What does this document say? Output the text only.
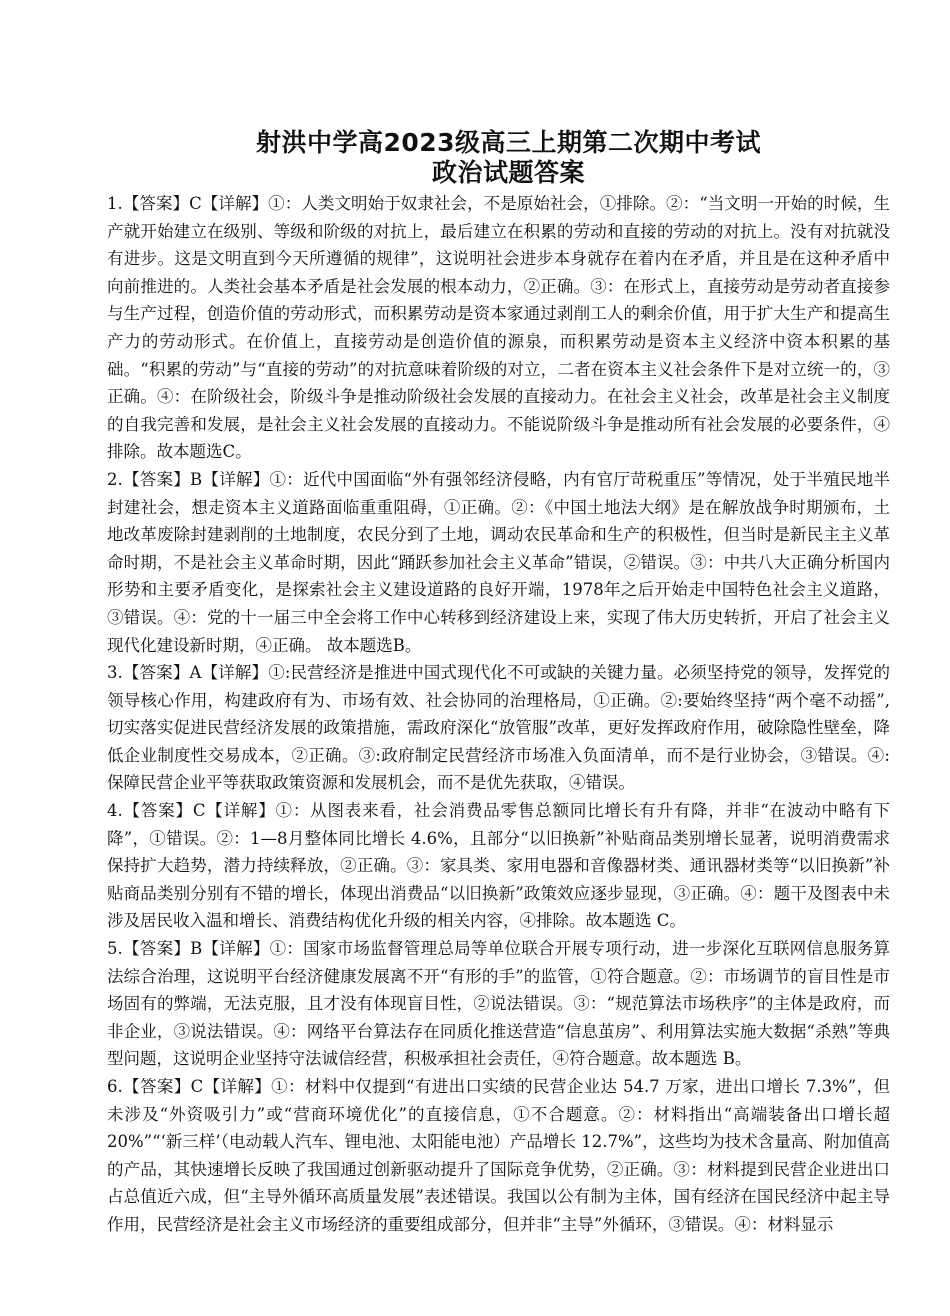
射洪中学高2023级高三上期第二次期中考试
政治试题答案

1.【答案】C【详解】①：人类文明始于奴隶社会，不是原始社会，①排除。②：“当文明一开始的时候，生产就开始建立在级别、等级和阶级的对抗上，最后建立在积累的劳动和直接的劳动的对抗上。没有对抗就没有进步。这是文明直到今天所遵循的规律”，这说明社会进步本身就存在着内在矛盾，并且是在这种矛盾中向前推进的。人类社会基本矛盾是社会发展的根本动力，②正确。③：在形式上，直接劳动是劳动者直接参与生产过程，创造价值的劳动形式，而积累劳动是资本家通过剥削工人的剩余价值，用于扩大生产和提高生产力的劳动形式。在价值上，直接劳动是创造价值的源泉，而积累劳动是资本主义经济中资本积累的基础。“积累的劳动”与“直接的劳动”的对抗意味着阶级的对立，二者在资本主义社会条件下是对立统一的，③正确。④：在阶级社会，阶级斗争是推动阶级社会发展的直接动力。在社会主义社会，改革是社会主义制度的自我完善和发展，是社会主义社会发展的直接动力。不能说阶级斗争是推动所有社会发展的必要条件，④排除。故本题选C。

2.【答案】B【详解】①：近代中国面临“外有强邻经济侵略，内有官厅苛税重压”等情况，处于半殖民地半封建社会，想走资本主义道路面临重重阻碍，①正确。②：《中国土地法大纲》是在解放战争时期颁布，土地改革废除封建剥削的土地制度，农民分到了土地，调动农民革命和生产的积极性，但当时是新民主主义革命时期，不是社会主义革命时期，因此“踊跃参加社会主义革命”错误，②错误。③：中共八大正确分析国内形势和主要矛盾变化，是探索社会主义建设道路的良好开端，1978年之后开始走中国特色社会主义道路，③错误。④：党的十一届三中全会将工作中心转移到经济建设上来，实现了伟大历史转折，开启了社会主义现代化建设新时期，④正确。 故本题选B。

3.【答案】A【详解】①:民营经济是推进中国式现代化不可或缺的关键力量。必须坚持党的领导，发挥党的领导核心作用，构建政府有为、市场有效、社会协同的治理格局，①正确。②:要始终坚持“两个毫不动摇”,切实落实促进民营经济发展的政策措施，需政府深化“放管服”改革，更好发挥政府作用，破除隐性壁垒，降低企业制度性交易成本，②正确。③:政府制定民营经济市场准入负面清单，而不是行业协会，③错误。④:保障民营企业平等获取政策资源和发展机会，而不是优先获取，④错误。

4.【答案】C【详解】①：从图表来看，社会消费品零售总额同比增长有升有降，并非“在波动中略有下降”，①错误。②：1—8月整体同比增长 4.6%，且部分“以旧换新”补贴商品类别增长显著，说明消费需求保持扩大趋势，潜力持续释放，②正确。③：家具类、家用电器和音像器材类、通讯器材类等“以旧换新”补贴商品类别分别有不错的增长，体现出消费品“以旧换新”政策效应逐步显现，③正确。④：题干及图表中未涉及居民收入温和增长、消费结构优化升级的相关内容，④排除。故本题选 C。

5.【答案】B【详解】①：国家市场监督管理总局等单位联合开展专项行动，进一步深化互联网信息服务算法综合治理，这说明平台经济健康发展离不开“有形的手”的监管，①符合题意。②：市场调节的盲目性是市场固有的弊端，无法克服，且才没有体现盲目性，②说法错误。③：“规范算法市场秩序”的主体是政府，而非企业，③说法错误。④：网络平台算法存在同质化推送营造“信息茧房”、利用算法实施大数据“杀熟”等典型问题，这说明企业坚持守法诚信经营，积极承担社会责任，④符合题意。故本题选 B。

6.【答案】C【详解】①：材料中仅提到“有进出口实绩的民营企业达 54.7 万家，进出口增长 7.3%”，但未涉及“外资吸引力”或“营商环境优化”的直接信息，①不合题意。②：材料指出“高端装备出口增长超 20%”“‘新三样’（电动载人汽车、锂电池、太阳能电池）产品增长 12.7%”，这些均为技术含量高、附加值高的产品，其快速增长反映了我国通过创新驱动提升了国际竞争优势，②正确。③：材料提到民营企业进出口占总值近六成，但“主导外循环高质量发展”表述错误。我国以公有制为主体，国有经济在国民经济中起主导作用，民营经济是社会主义市场经济的重要组成部分，但并非“主导”外循环，③错误。④：材料显示
